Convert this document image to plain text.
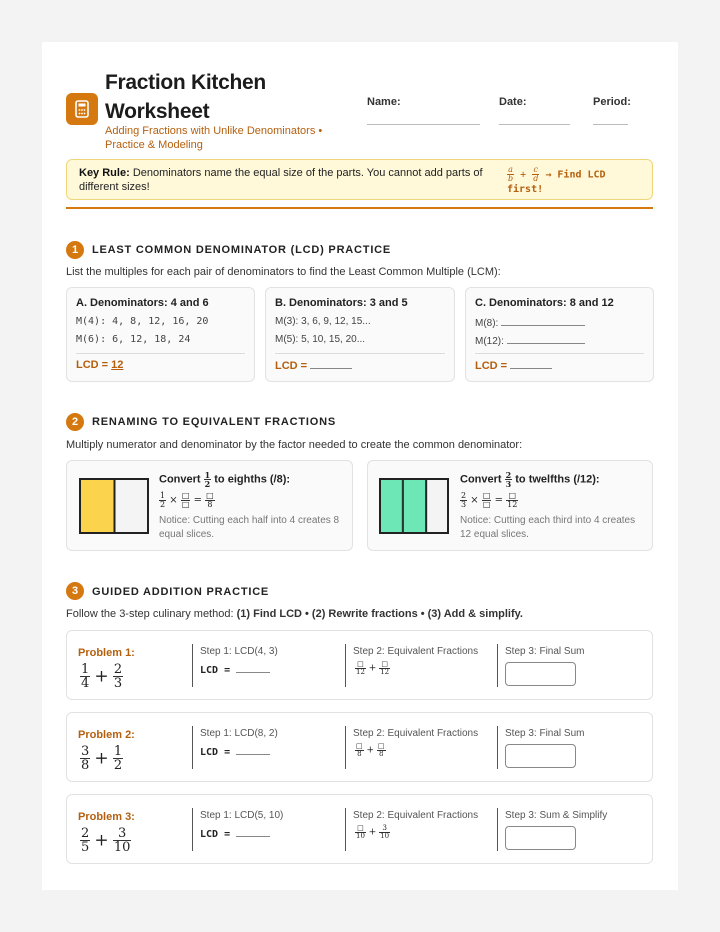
Fraction Kitchen Worksheet
Adding Fractions with Unlike Denominators • Practice & Modeling
Name:	Date:	Period:
Key Rule: Denominators name the equal size of the parts. You cannot add parts of different sizes!
$\frac{a}{b} + \frac{c}{d}$ → Find LCD first!
1	LEAST COMMON DENOMINATOR (LCD) PRACTICE
List the multiples for each pair of denominators to find the Least Common Multiple (LCM):
A. Denominators: 4 and 6
M(4): 4, 8, 12, 16, 20
M(6): 6, 12, 18, 24
LCD = 12
B. Denominators: 3 and 5
M(3): 3, 6, 9, 12, 15...
M(5): 5, 10, 15, 20...
LCD =
C. Denominators: 8 and 12
M(8):
M(12):
LCD =
2	RENAMING TO EQUIVALENT FRACTIONS
Multiply numerator and denominator by the factor needed to create the common denominator:
Convert $\frac{1}{2}$ to eighths (/8):
$\frac{1}{2} \times \frac{□}{□} = \frac{□}{8}$
Notice: Cutting each half into 4 creates 8 equal slices.
Convert $\frac{2}{3}$ to twelfths (/12):
$\frac{2}{3} \times \frac{□}{□} = \frac{□}{12}$
Notice: Cutting each third into 4 creates 12 equal slices.
3	GUIDED ADDITION PRACTICE
Follow the 3-step culinary method: (1) Find LCD • (2) Rewrite fractions • (3) Add & simplify.
Problem 1:
$\frac{1}{4} + \frac{2}{3}$
Step 1: LCD(4, 3)
LCD =
Step 2: Equivalent Fractions
$\frac{□}{12} + \frac{□}{12}$
Step 3: Final Sum
Problem 2:
$\frac{3}{8} + \frac{1}{2}$
Step 1: LCD(8, 2)
LCD =
Step 2: Equivalent Fractions
$\frac{□}{8} + \frac{□}{8}$
Step 3: Final Sum
Problem 3:
$\frac{2}{5} + \frac{3}{10}$
Step 1: LCD(5, 10)
LCD =
Step 2: Equivalent Fractions
$\frac{□}{10} + \frac{3}{10}$
Step 3: Sum & Simplify
